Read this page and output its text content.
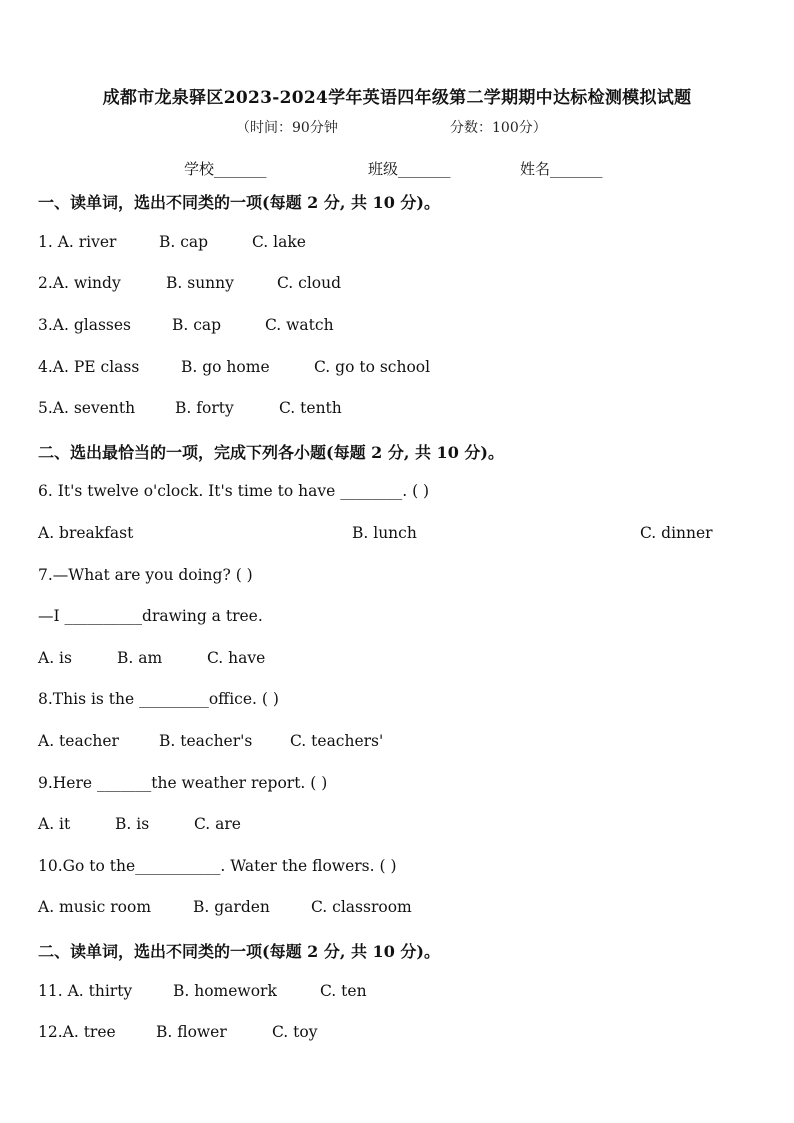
成都市龙泉驿区2023-2024学年英语四年级第二学期期中达标检测模拟试题
（时间：90分钟	分数：100分）
学校_______	班级_______	姓名_______
一、读单词，选出不同类的一项(每题 2 分, 共 10 分)。
1. A. river	B. cap	C. lake
2.A. windy	B. sunny	C. cloud
3.A. glasses	B. cap	C. watch
4.A. PE class	B. go home	C. go to school
5.A. seventh	B. forty	C. tenth
二、选出最恰当的一项，完成下列各小题(每题 2 分, 共 10 分)。
6. It's twelve o'clock. It's time to have ________. ( )
A. breakfast	B. lunch	C. dinner
7.—What are you doing? ( )
—I __________drawing a tree.
A. is	B. am	C. have
8.This is the _________office. ( )
A. teacher	B. teacher's C. teachers'
9.Here _______the weather report. ( )
A. it	B. is	C. are
10.Go to the___________. Water the flowers. ( )
A. music room	B. garden	C. classroom
二、读单词，选出不同类的一项(每题 2 分, 共 10 分)。
11. A. thirty	B. homework	C. ten
12.A. tree	B. flower	C. toy
